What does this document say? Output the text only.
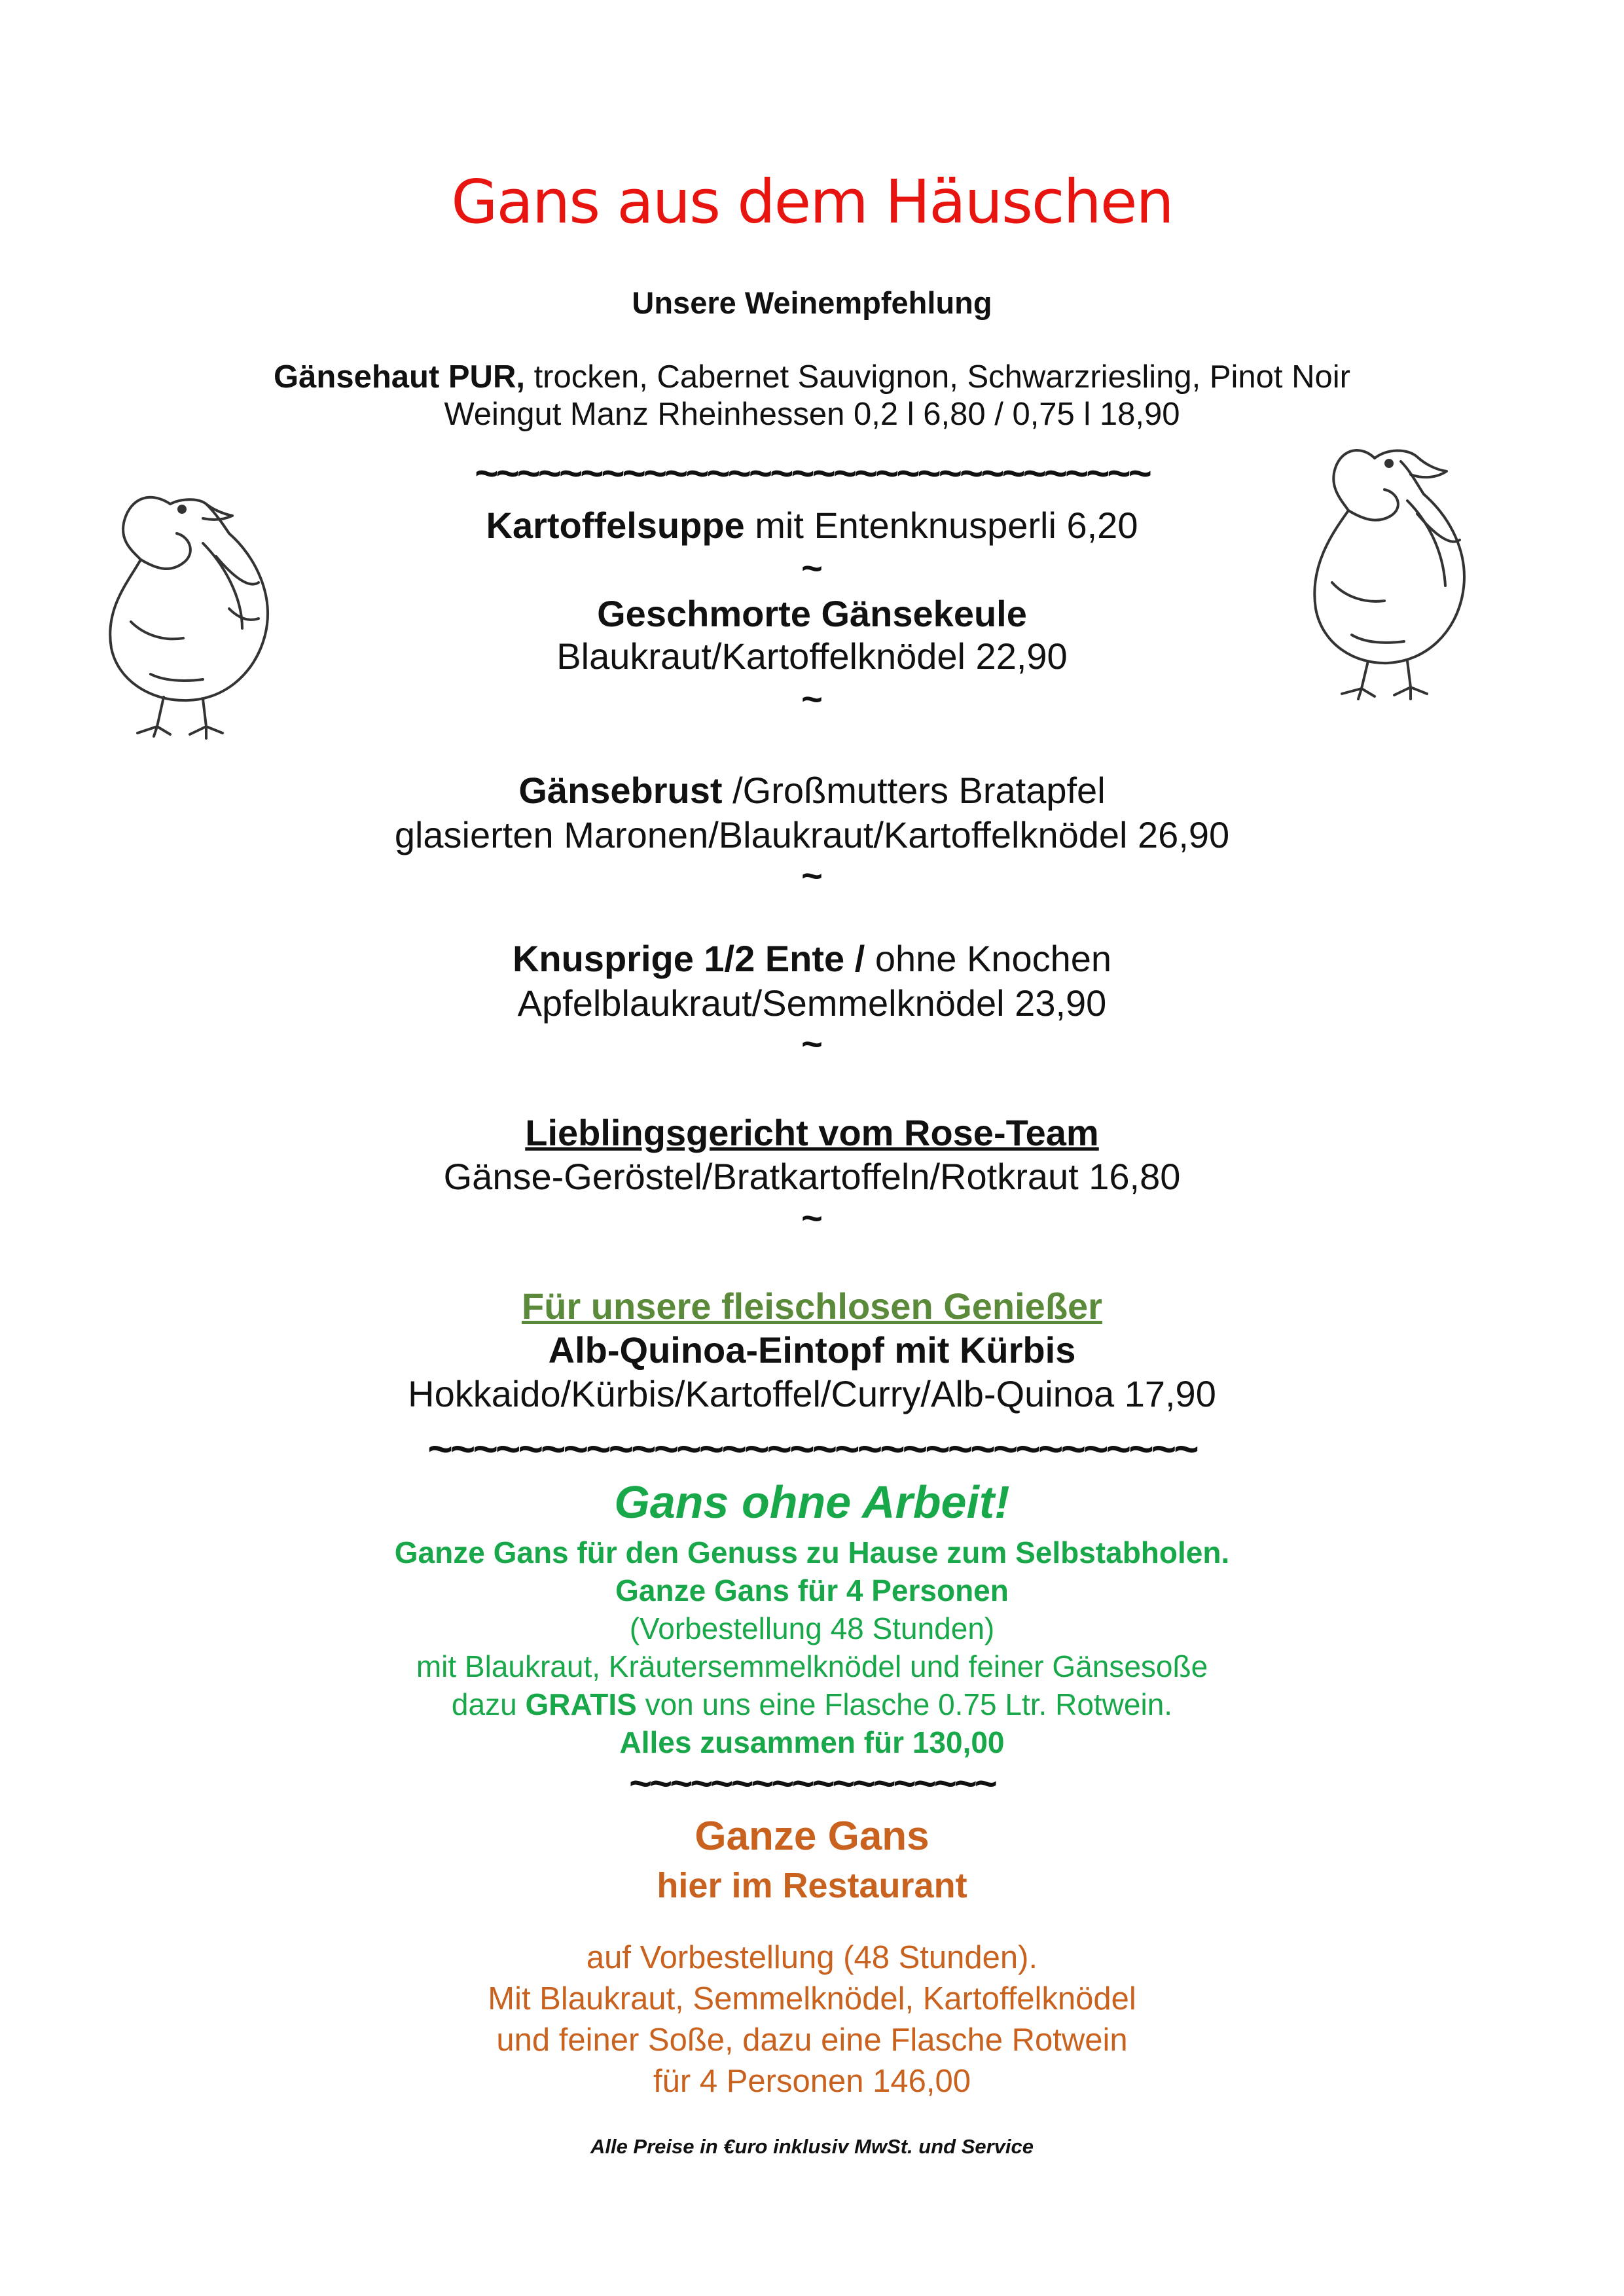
Gans aus dem Häuschen
Unsere Weinempfehlung
Gänsehaut PUR, trocken, Cabernet Sauvignon, Schwarzriesling, Pinot Noir
Weingut Manz Rheinhessen 0,2 l 6,80 / 0,75 l 18,90
~~~~~~~~~~~~~~~~~~~~~~~~~~~~~~~~
Kartoffelsuppe mit Entenknusperli 6,20
~
Geschmorte Gänsekeule
Blaukraut/Kartoffelknödel 22,90
~
Gänsebrust /Großmutters Bratapfel
glasierten Maronen/Blaukraut/Kartoffelknödel 26,90
~
Knusprige 1/2 Ente / ohne Knochen
Apfelblaukraut/Semmelknödel 23,90
~
Lieblingsgericht vom Rose-Team
Gänse-Geröstel/Bratkartoffeln/Rotkraut 16,80
~
Für unsere fleischlosen Genießer
Alb-Quinoa-Eintopf mit Kürbis
Hokkaido/Kürbis/Kartoffel/Curry/Alb-Quinoa 17,90
~~~~~~~~~~~~~~~~~~~~~~~~~~~~~~~~~~
Gans ohne Arbeit!
Ganze Gans für den Genuss zu Hause zum Selbstabholen.
Ganze Gans für 4 Personen
(Vorbestellung 48 Stunden)
mit Blaukraut, Kräutersemmelknödel und feiner Gänsesoße
dazu GRATIS von uns eine Flasche 0.75 Ltr. Rotwein.
Alles zusammen für 130,00
~~~~~~~~~~~~~~~~~~
Ganze Gans
hier im Restaurant
auf Vorbestellung (48 Stunden).
Mit Blaukraut, Semmelknödel, Kartoffelknödel
und feiner Soße, dazu eine Flasche Rotwein
für 4 Personen 146,00
Alle Preise in €uro inklusiv MwSt. und Service
